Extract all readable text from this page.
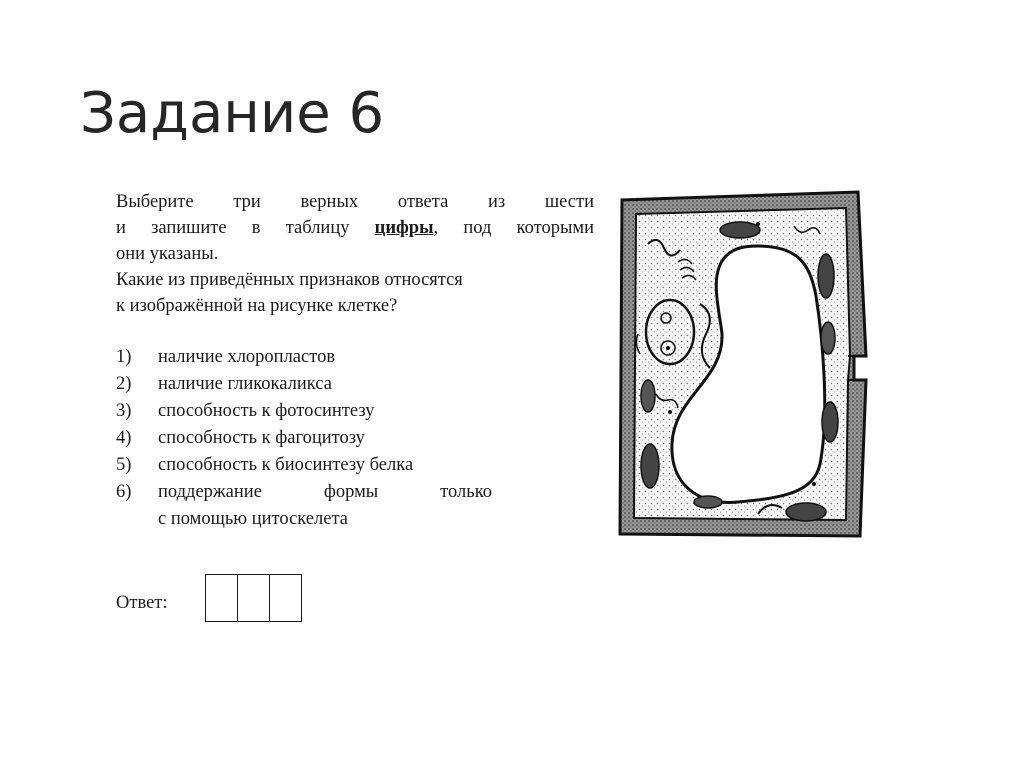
Задание 6
Выберите три верных ответа из шести
и запишите в таблицу цифры, под которыми
они указаны.
Какие из приведённых признаков относятся
к изображённой на рисунке клетке?
1)	наличие хлоропластов
2)	наличие гликокаликса
3)	способность к фотосинтезу
4)	способность к фагоцитозу
5)	способность к биосинтезу белка
6)	поддержание формы только
с помощью цитоскелета
Ответ:
